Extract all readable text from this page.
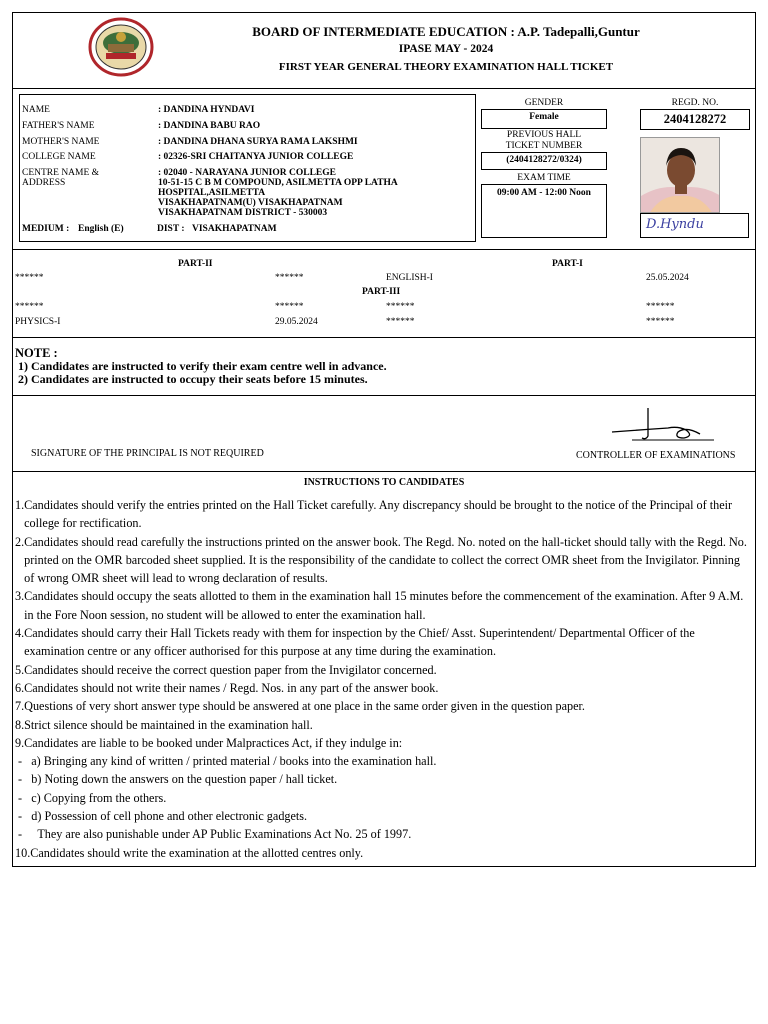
BOARD OF INTERMEDIATE EDUCATION : A.P. Tadepalli,Guntur
IPASE MAY - 2024
FIRST YEAR GENERAL THEORY EXAMINATION HALL TICKET
NAME	: DANDINA HYNDAVI
FATHER'S NAME	: DANDINA BABU RAO
MOTHER'S NAME	: DANDINA DHANA SURYA RAMA LAKSHMI
COLLEGE NAME	: 02326-SRI CHAITANYA JUNIOR COLLEGE
CENTRE NAME &
ADDRESS
: 02040 - NARAYANA JUNIOR COLLEGE
10-51-15 C B M COMPOUND, ASILMETTA OPP LATHA
HOSPITAL,ASILMETTA
VISAKHAPATNAM(U) VISAKHAPATNAM
VISAKHAPATNAM DISTRICT - 530003
MEDIUM : English (E)	DIST : VISAKHAPATNAM
GENDER
Female
PREVIOUS HALL
TICKET NUMBER
(2404128272/0324)
EXAM TIME
09:00 AM - 12:00 Noon
REGD. NO.
2404128272
D.Hyndu
PART-II	PART-I
******	******	ENGLISH-I	25.05.2024
PART-III
******	******	******	******
PHYSICS-I	29.05.2024	******	******
NOTE :
1) Candidates are instructed to verify their exam centre well in advance.
2) Candidates are instructed to occupy their seats before 15 minutes.
SIGNATURE OF THE PRINCIPAL IS NOT REQUIRED	CONTROLLER OF EXAMINATIONS
INSTRUCTIONS TO CANDIDATES
1. Candidates should verify the entries printed on the Hall Ticket carefully. Any discrepancy should be brought to the notice of the Principal of their college for rectification.
2. Candidates should read carefully the instructions printed on the answer book. The Regd. No. noted on the hall-ticket should tally with the Regd. No. printed on the OMR barcoded sheet supplied. It is the responsibility of the candidate to collect the correct OMR sheet from the Invigilator. Pinning of wrong OMR sheet will lead to wrong declaration of results.
3. Candidates should occupy the seats allotted to them in the examination hall 15 minutes before the commencement of the examination. After 9 A.M. in the Fore Noon session, no student will be allowed to enter the examination hall.
4. Candidates should carry their Hall Tickets ready with them for inspection by the Chief/ Asst. Superintendent/ Departmental Officer of the examination centre or any officer authorised for this purpose at any time during the examination.
5. Candidates should receive the correct question paper from the Invigilator concerned.
6. Candidates should not write their names / Regd. Nos. in any part of the answer book.
7. Questions of very short answer type should be answered at one place in the same order given in the question paper.
8. Strict silence should be maintained in the examination hall.
9. Candidates are liable to be booked under Malpractices Act, if they indulge in:
- a) Bringing any kind of written / printed material / books into the examination hall.
- b) Noting down the answers on the question paper / hall ticket.
- c) Copying from the others.
- d) Possession of cell phone and other electronic gadgets.
- They are also punishable under AP Public Examinations Act No. 25 of 1997.
10. Candidates should write the examination at the allotted centres only.
